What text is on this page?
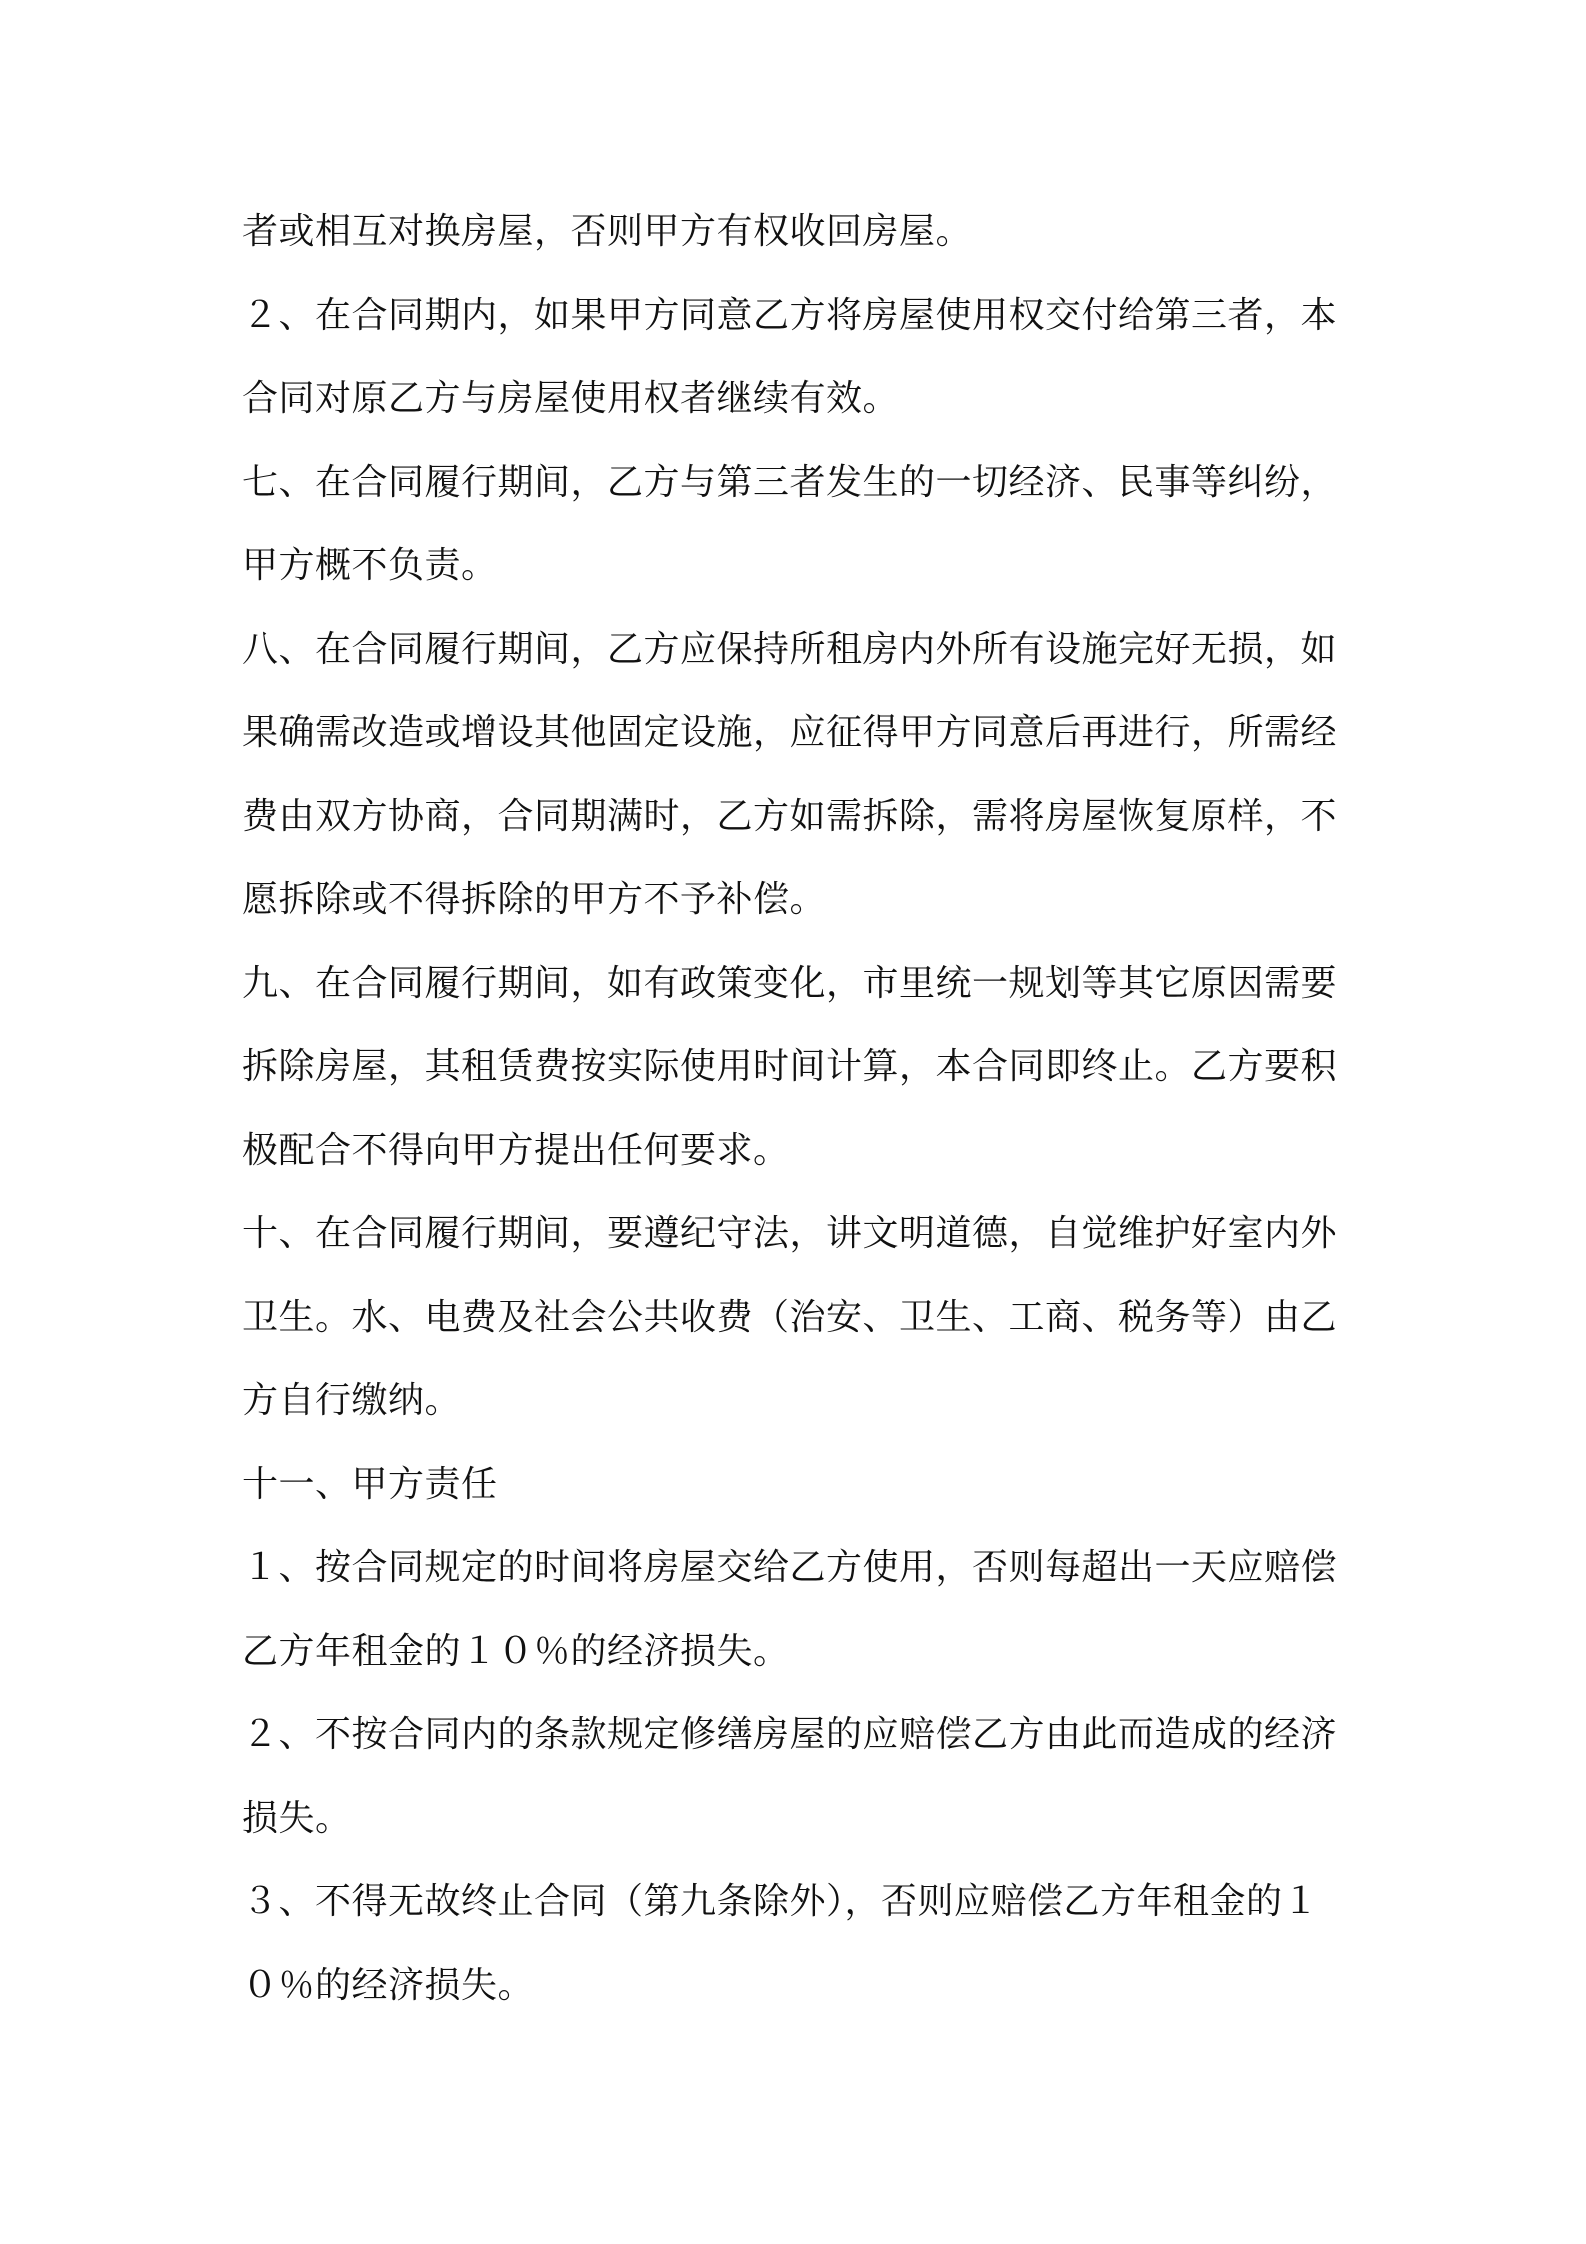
者或相互对换房屋，否则甲方有权收回房屋。
２、在合同期内，如果甲方同意乙方将房屋使用权交付给第三者，本
合同对原乙方与房屋使用权者继续有效。
七、在合同履行期间，乙方与第三者发生的一切经济、民事等纠纷，
甲方概不负责。
八、在合同履行期间，乙方应保持所租房内外所有设施完好无损，如
果确需改造或增设其他固定设施，应征得甲方同意后再进行，所需经
费由双方协商，合同期满时，乙方如需拆除，需将房屋恢复原样，不
愿拆除或不得拆除的甲方不予补偿。
九、在合同履行期间，如有政策变化，市里统一规划等其它原因需要
拆除房屋，其租赁费按实际使用时间计算，本合同即终止。乙方要积
极配合不得向甲方提出任何要求。
十、在合同履行期间，要遵纪守法，讲文明道德，自觉维护好室内外
卫生。水、电费及社会公共收费（治安、卫生、工商、税务等）由乙
方自行缴纳。
十一、甲方责任
１、按合同规定的时间将房屋交给乙方使用，否则每超出一天应赔偿
乙方年租金的１０％的经济损失。
２、不按合同内的条款规定修缮房屋的应赔偿乙方由此而造成的经济
损失。
３、不得无故终止合同（第九条除外），否则应赔偿乙方年租金的１
０％的经济损失。
